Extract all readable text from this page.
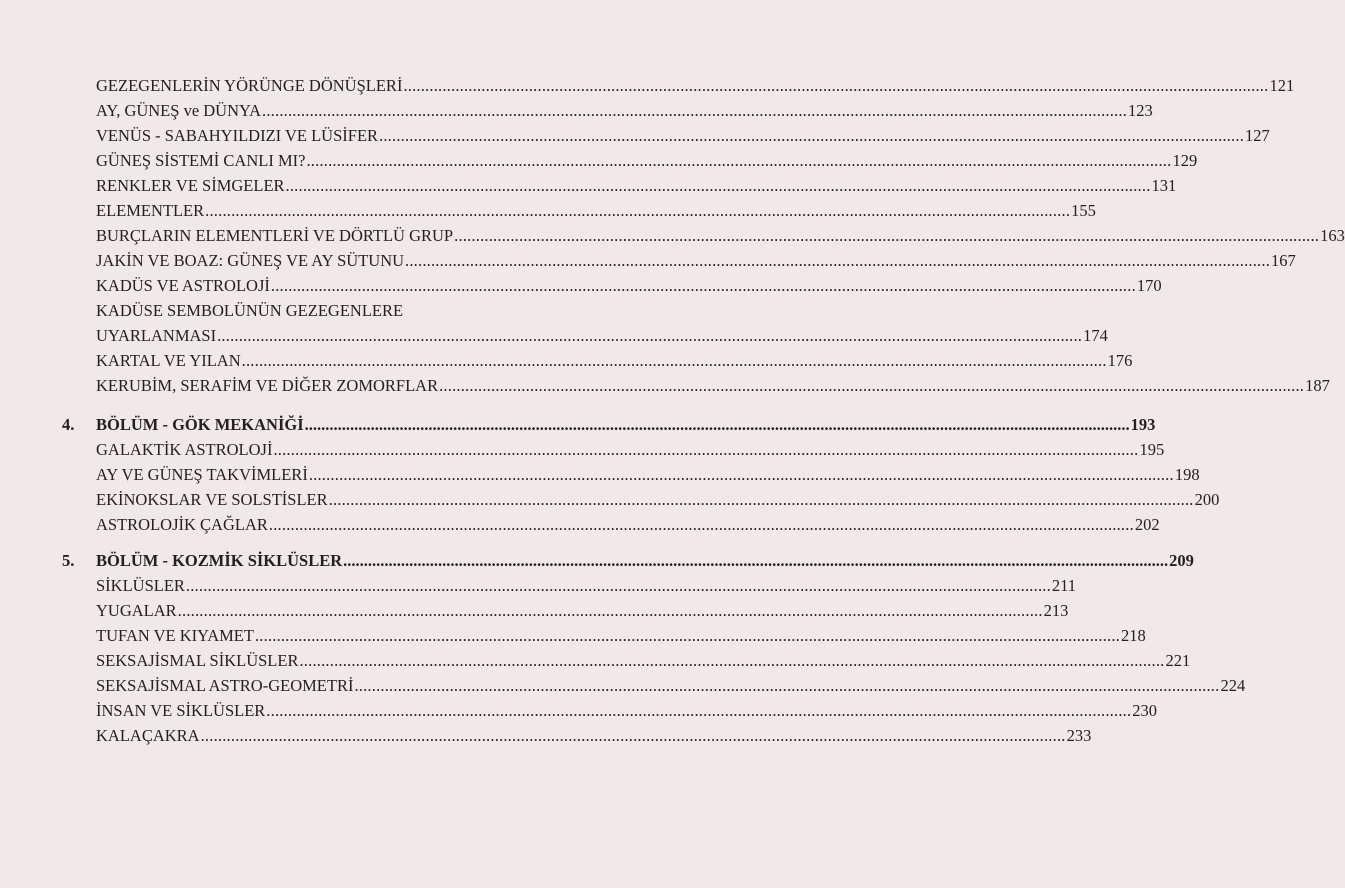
GEZEGENLERİN YÖRÜNGE DÖNÜŞLERİ ........................................................................................................................................................................................................ 121
AY, GÜNEŞ ve DÜNYA ........................................................................................................................................................................................................ 123
VENÜS - SABAHYILDIZI VE LÜSİFER ........................................................................................................................................................................................................ 127
GÜNEŞ SİSTEMİ CANLI MI? ........................................................................................................................................................................................................ 129
RENKLER VE SİMGELER ........................................................................................................................................................................................................ 131
ELEMENTLER ........................................................................................................................................................................................................ 155
BURÇLARIN ELEMENTLERİ VE DÖRTLÜ GRUP ........................................................................................................................................................................................................ 163
JAKİN VE BOAZ: GÜNEŞ VE AY SÜTUNU ........................................................................................................................................................................................................ 167
KADÜS VE ASTROLOJİ ........................................................................................................................................................................................................ 170
KADÜSE SEMBOLÜNÜN GEZEGENLERE
UYARLANMASI ........................................................................................................................................................................................................ 174
KARTAL VE YILAN ........................................................................................................................................................................................................ 176
KERUBİM, SERAFİM VE DİĞER ZOMORFLAR ........................................................................................................................................................................................................ 187
4.	BÖLÜM - GÖK MEKANİĞİ ........................................................................................................................................................................................................ 193
GALAKTİK ASTROLOJİ ........................................................................................................................................................................................................ 195
AY VE GÜNEŞ TAKVİMLERİ ........................................................................................................................................................................................................ 198
EKİNOKSLAR VE SOLSTİSLER ........................................................................................................................................................................................................ 200
ASTROLOJİK ÇAĞLAR ........................................................................................................................................................................................................ 202
5.	BÖLÜM - KOZMİK SİKLÜSLER ........................................................................................................................................................................................................ 209
SİKLÜSLER ........................................................................................................................................................................................................ 211
YUGALAR ........................................................................................................................................................................................................ 213
TUFAN VE KIYAMET ........................................................................................................................................................................................................ 218
SEKSAJİSMAL SİKLÜSLER ........................................................................................................................................................................................................ 221
SEKSAJİSMAL ASTRO-GEOMETRİ ........................................................................................................................................................................................................ 224
İNSAN VE SİKLÜSLER ........................................................................................................................................................................................................ 230
KALAÇAKRA ........................................................................................................................................................................................................ 233
